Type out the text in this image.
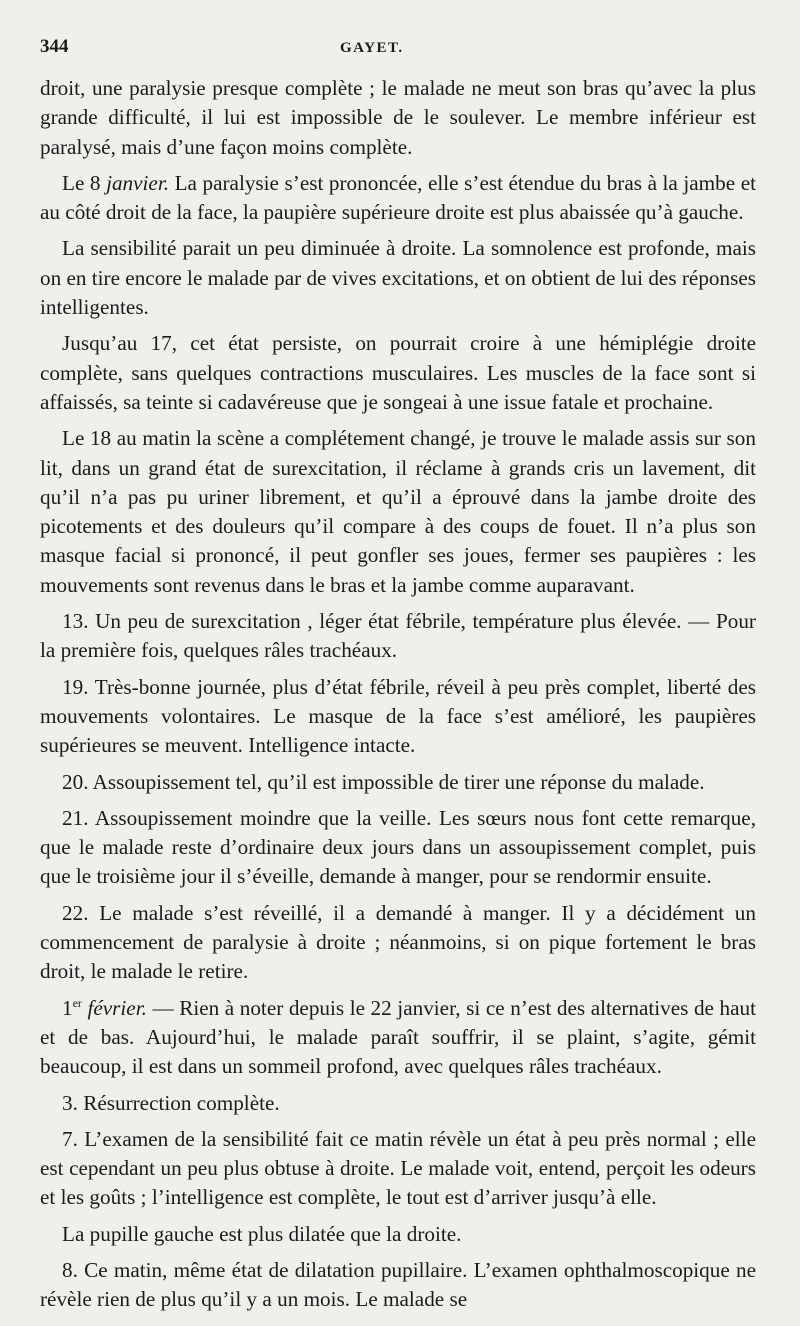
344	GAYET.

droit, une paralysie presque complète ; le malade ne meut son bras qu’avec la plus grande difficulté, il lui est impossible de le soulever. Le membre inférieur est paralysé, mais d’une façon moins complète.

Le 8 janvier. La paralysie s’est prononcée, elle s’est étendue du bras à la jambe et au côté droit de la face, la paupière supérieure droite est plus abaissée qu’à gauche.

La sensibilité parait un peu diminuée à droite. La somnolence est profonde, mais on en tire encore le malade par de vives excitations, et on obtient de lui des réponses intelligentes.

Jusqu’au 17, cet état persiste, on pourrait croire à une hémiplégie droite complète, sans quelques contractions musculaires. Les muscles de la face sont si affaissés, sa teinte si cadavéreuse que je songeai à une issue fatale et prochaine.

Le 18 au matin la scène a complétement changé, je trouve le malade assis sur son lit, dans un grand état de surexcitation, il réclame à grands cris un lavement, dit qu’il n’a pas pu uriner librement, et qu’il a éprouvé dans la jambe droite des picotements et des douleurs qu’il compare à des coups de fouet. Il n’a plus son masque facial si prononcé, il peut gonfler ses joues, fermer ses paupières : les mouvements sont revenus dans le bras et la jambe comme auparavant.

13. Un peu de surexcitation , léger état fébrile, température plus élevée. — Pour la première fois, quelques râles trachéaux.

19. Très-bonne journée, plus d’état fébrile, réveil à peu près complet, liberté des mouvements volontaires. Le masque de la face s’est amélioré, les paupières supérieures se meuvent. Intelligence intacte.

20. Assoupissement tel, qu’il est impossible de tirer une réponse du malade.

21. Assoupissement moindre que la veille. Les sœurs nous font cette remarque, que le malade reste d’ordinaire deux jours dans un assoupissement complet, puis que le troisième jour il s’éveille, demande à manger, pour se rendormir ensuite.

22. Le malade s’est réveillé, il a demandé à manger. Il y a décidément un commencement de paralysie à droite ; néanmoins, si on pique fortement le bras droit, le malade le retire.

1er février. — Rien à noter depuis le 22 janvier, si ce n’est des alternatives de haut et de bas. Aujourd’hui, le malade paraît souffrir, il se plaint, s’agite, gémit beaucoup, il est dans un sommeil profond, avec quelques râles trachéaux.

3. Résurrection complète.

7. L’examen de la sensibilité fait ce matin révèle un état à peu près normal ; elle est cependant un peu plus obtuse à droite. Le malade voit, entend, perçoit les odeurs et les goûts ; l’intelligence est complète, le tout est d’arriver jusqu’à elle.

La pupille gauche est plus dilatée que la droite.

8. Ce matin, même état de dilatation pupillaire. L’examen ophthalmoscopique ne révèle rien de plus qu’il y a un mois. Le malade se
